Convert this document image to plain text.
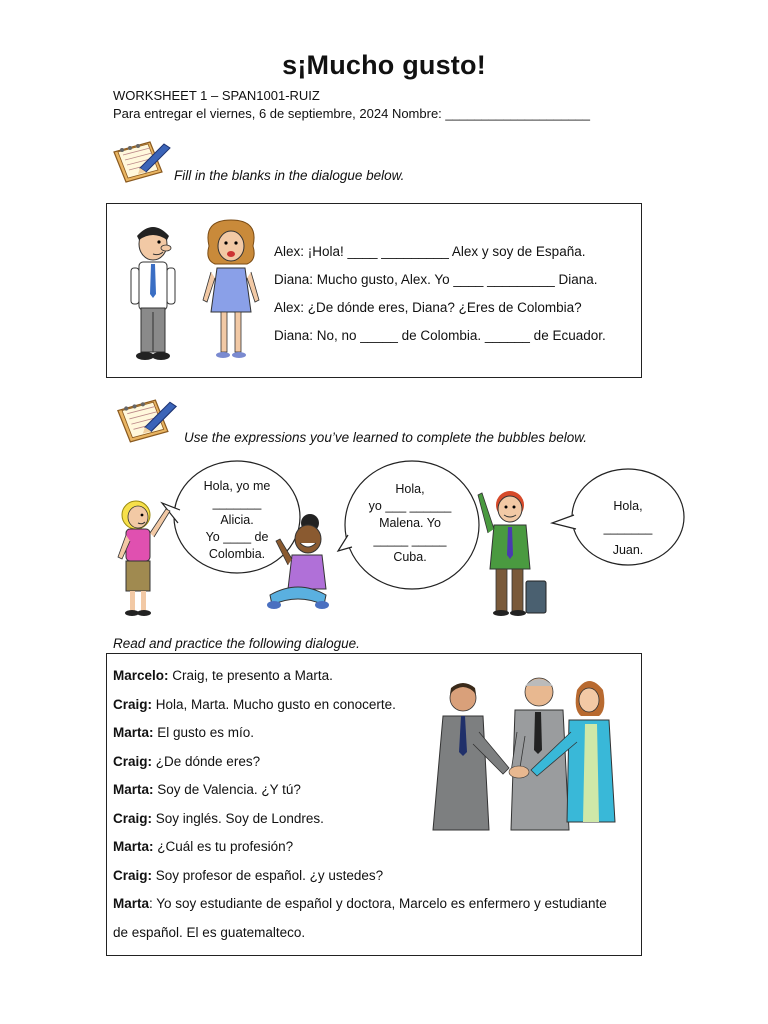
s¡Mucho gusto!
WORKSHEET 1 – SPAN1001-RUIZ
Para entregar el viernes, 6 de septiembre, 2024 Nombre: ____________________
Fill in the blanks in the dialogue below.
Alex: ¡Hola! ____ _________ Alex y soy de España.
Diana: Mucho gusto, Alex. Yo ____ _________ Diana.
Alex: ¿De dónde eres, Diana? ¿Eres de Colombia?
Diana: No, no _____ de Colombia. ______ de Ecuador.
Use the expressions you’ve learned to complete the bubbles below.
Hola, yo me
_______
Alicia.
Yo ____ de
Colombia.
Hola,
yo ___ ______
Malena. Yo
_____ _____
Cuba.
Hola,
_______
Juan.
Read and practice the following dialogue.
Marcelo: Craig, te presento a Marta.
Craig: Hola, Marta. Mucho gusto en conocerte.
Marta: El gusto es mío.
Craig: ¿De dónde eres?
Marta: Soy de Valencia. ¿Y tú?
Craig: Soy inglés. Soy de Londres.
Marta: ¿Cuál es tu profesión?
Craig: Soy profesor de español. ¿y ustedes?
Marta: Yo soy estudiante de español y doctora, Marcelo es enfermero y estudiante
de español. El es guatemalteco.
